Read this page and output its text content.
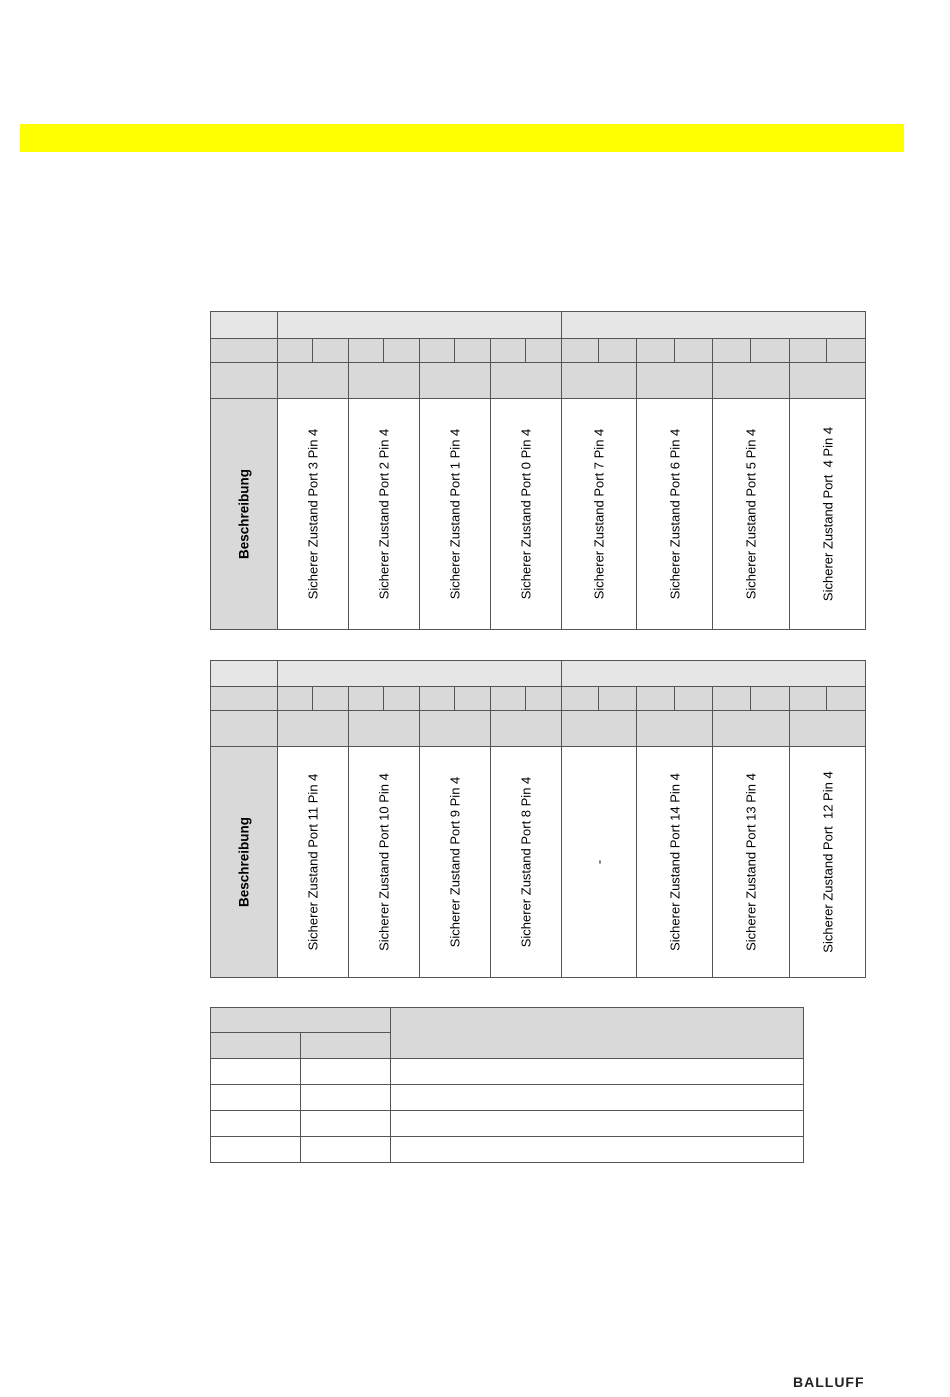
Beschreibung	Sicherer Zustand Port 3 Pin 4		Sicherer Zustand Port 2 Pin 4		Sicherer Zustand Port 1 Pin 4		Sicherer Zustand Port 0 Pin 4		Sicherer Zustand Port 7 Pin 4		Sicherer Zustand Port 6 Pin 4		Sicherer Zustand Port 5 Pin 4		Sicherer Zustand Port  4 Pin 4	

Beschreibung	Sicherer Zustand Port 11 Pin 4		Sicherer Zustand Port 10 Pin 4		Sicherer Zustand Port 9 Pin 4		Sicherer Zustand Port 8 Pin 4		-		Sicherer Zustand Port 14 Pin 4		Sicherer Zustand Port 13 Pin 4		Sicherer Zustand Port  12 Pin 4	

BALLUFF
